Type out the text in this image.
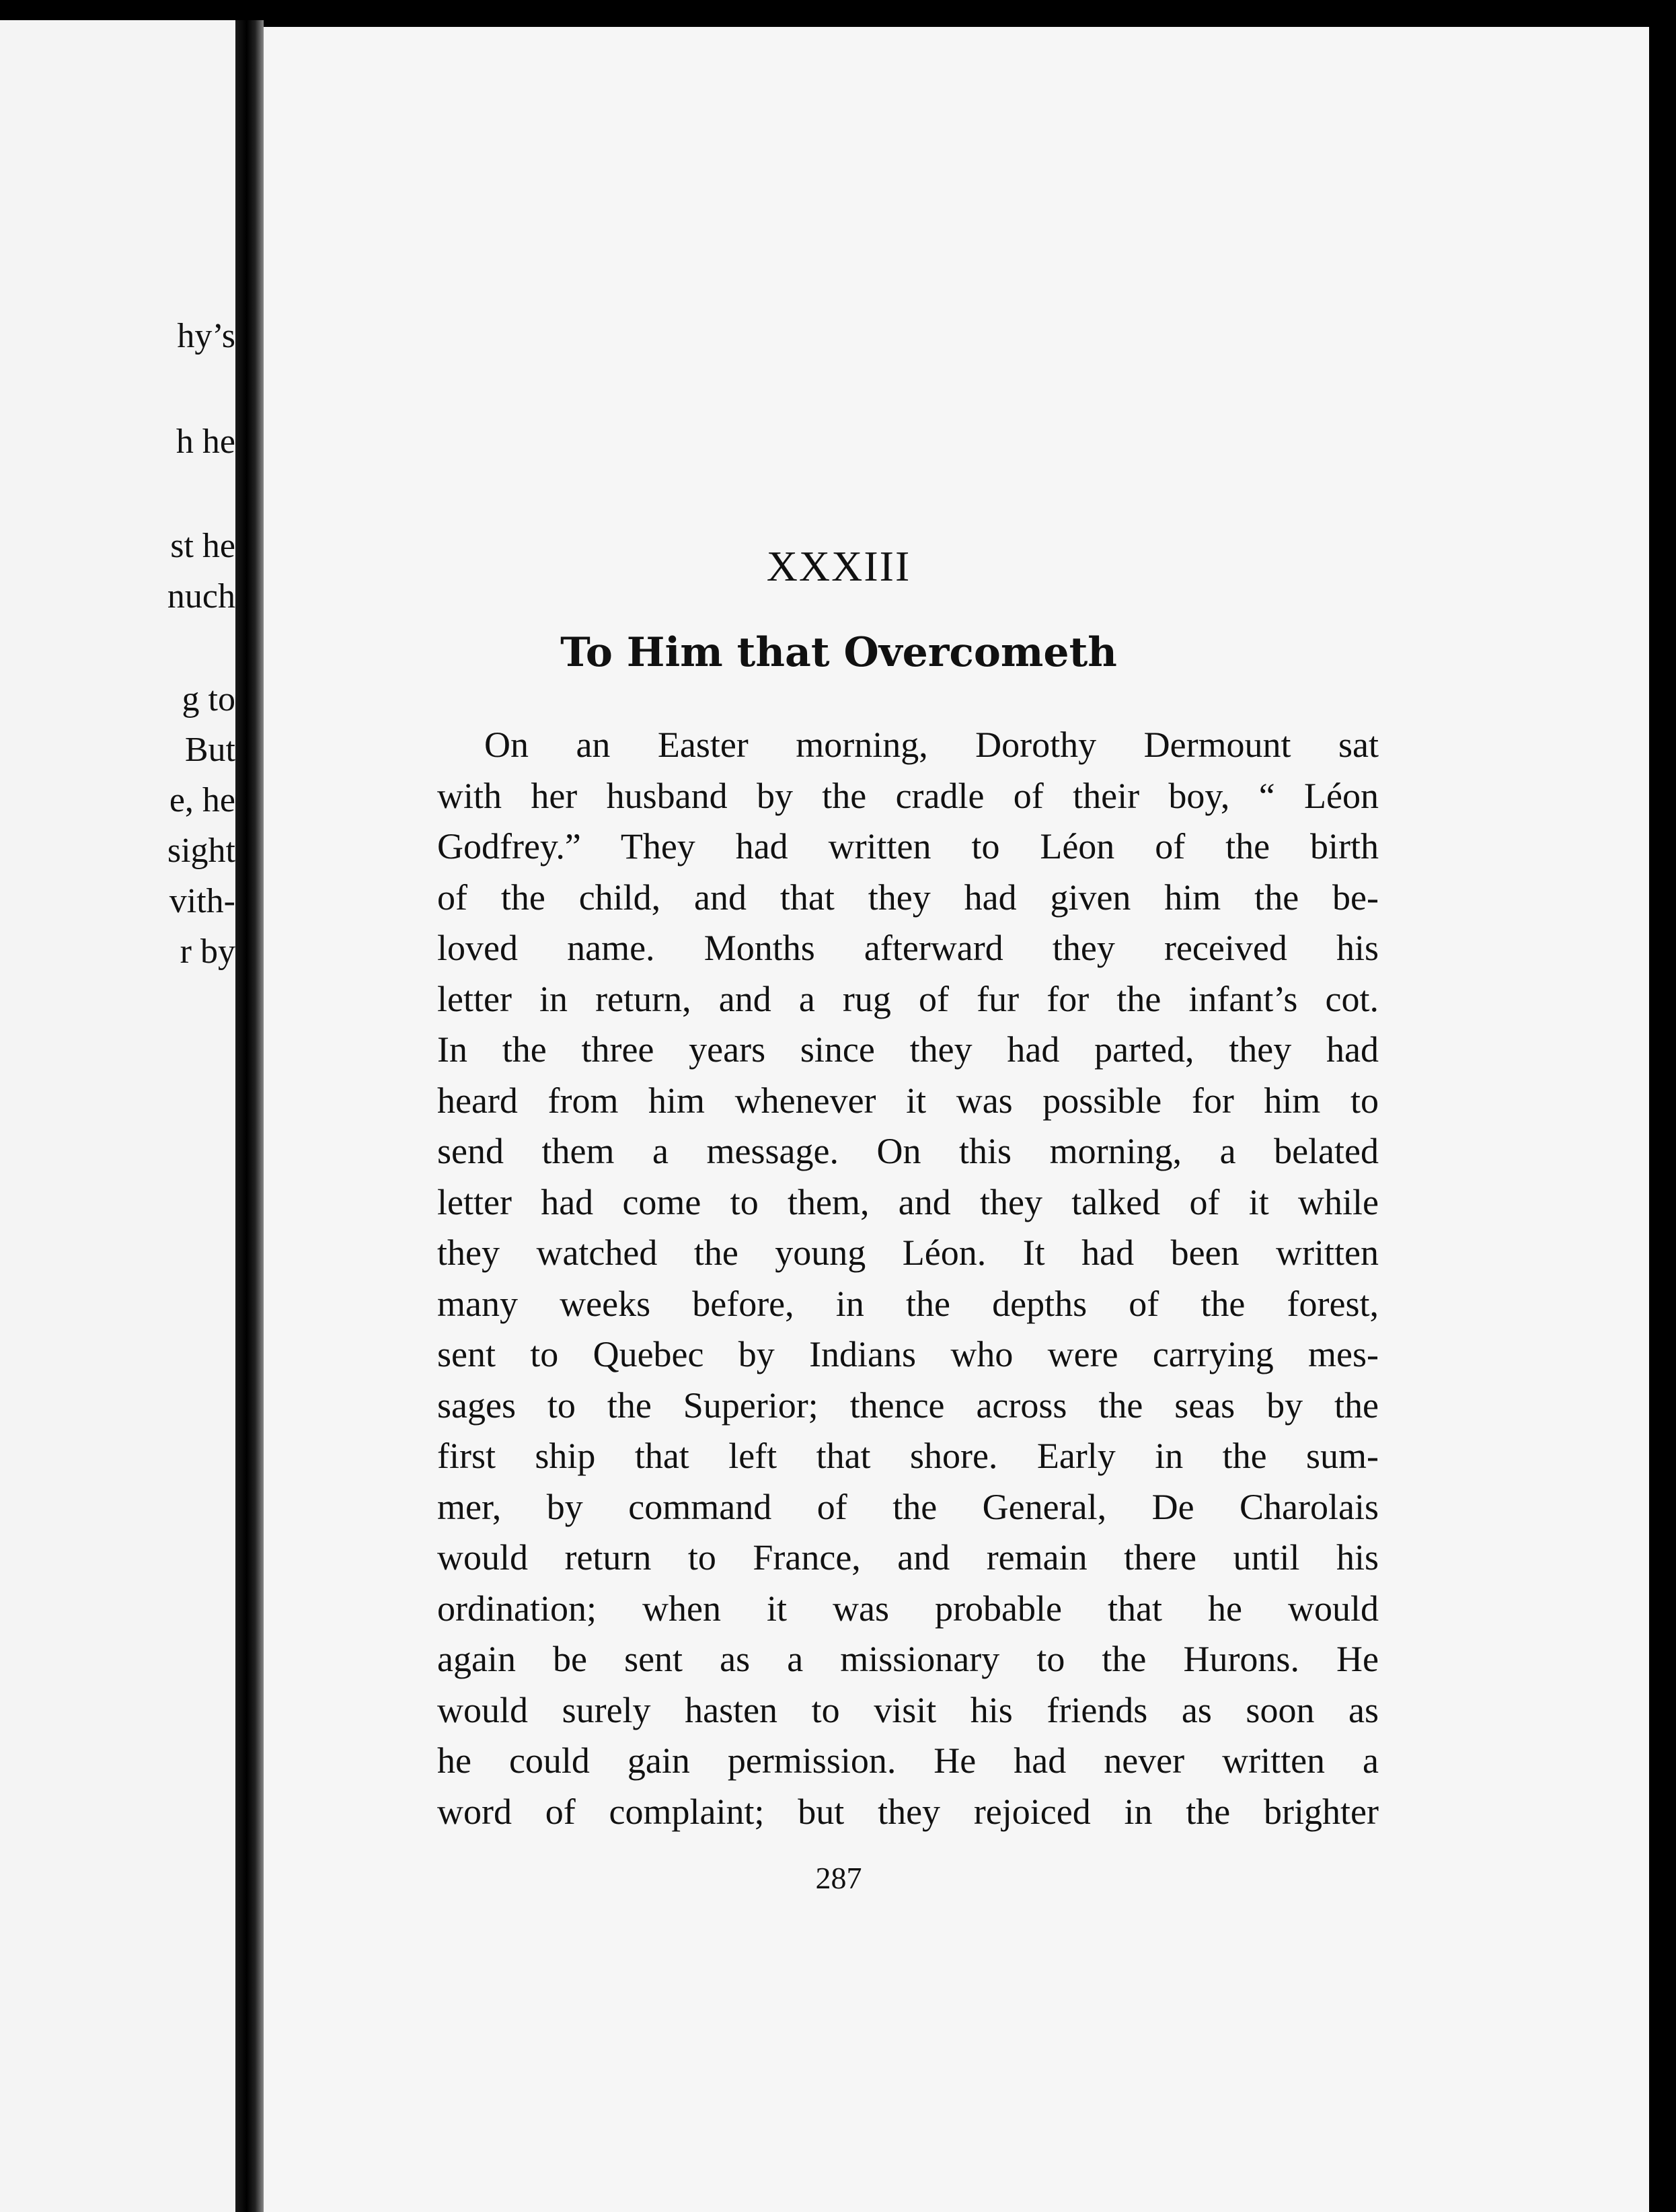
hy’s
h he
st he
nuch
g to
But
e, he
sight
vith-
r by
XXXIII
To Him that Overcometh
On an Easter morning, Dorothy Dermount sat
with her husband by the cradle of their boy, “ Léon
Godfrey.” They had written to Léon of the birth
of the child, and that they had given him the be-
loved name. Months afterward they received his
letter in return, and a rug of fur for the infant’s cot.
In the three years since they had parted, they had
heard from him whenever it was possible for him to
send them a message. On this morning, a belated
letter had come to them, and they talked of it while
they watched the young Léon. It had been written
many weeks before, in the depths of the forest,
sent to Quebec by Indians who were carrying mes-
sages to the Superior; thence across the seas by the
first ship that left that shore. Early in the sum-
mer, by command of the General, De Charolais
would return to France, and remain there until his
ordination; when it was probable that he would
again be sent as a missionary to the Hurons. He
would surely hasten to visit his friends as soon as
he could gain permission. He had never written a
word of complaint; but they rejoiced in the brighter
287
